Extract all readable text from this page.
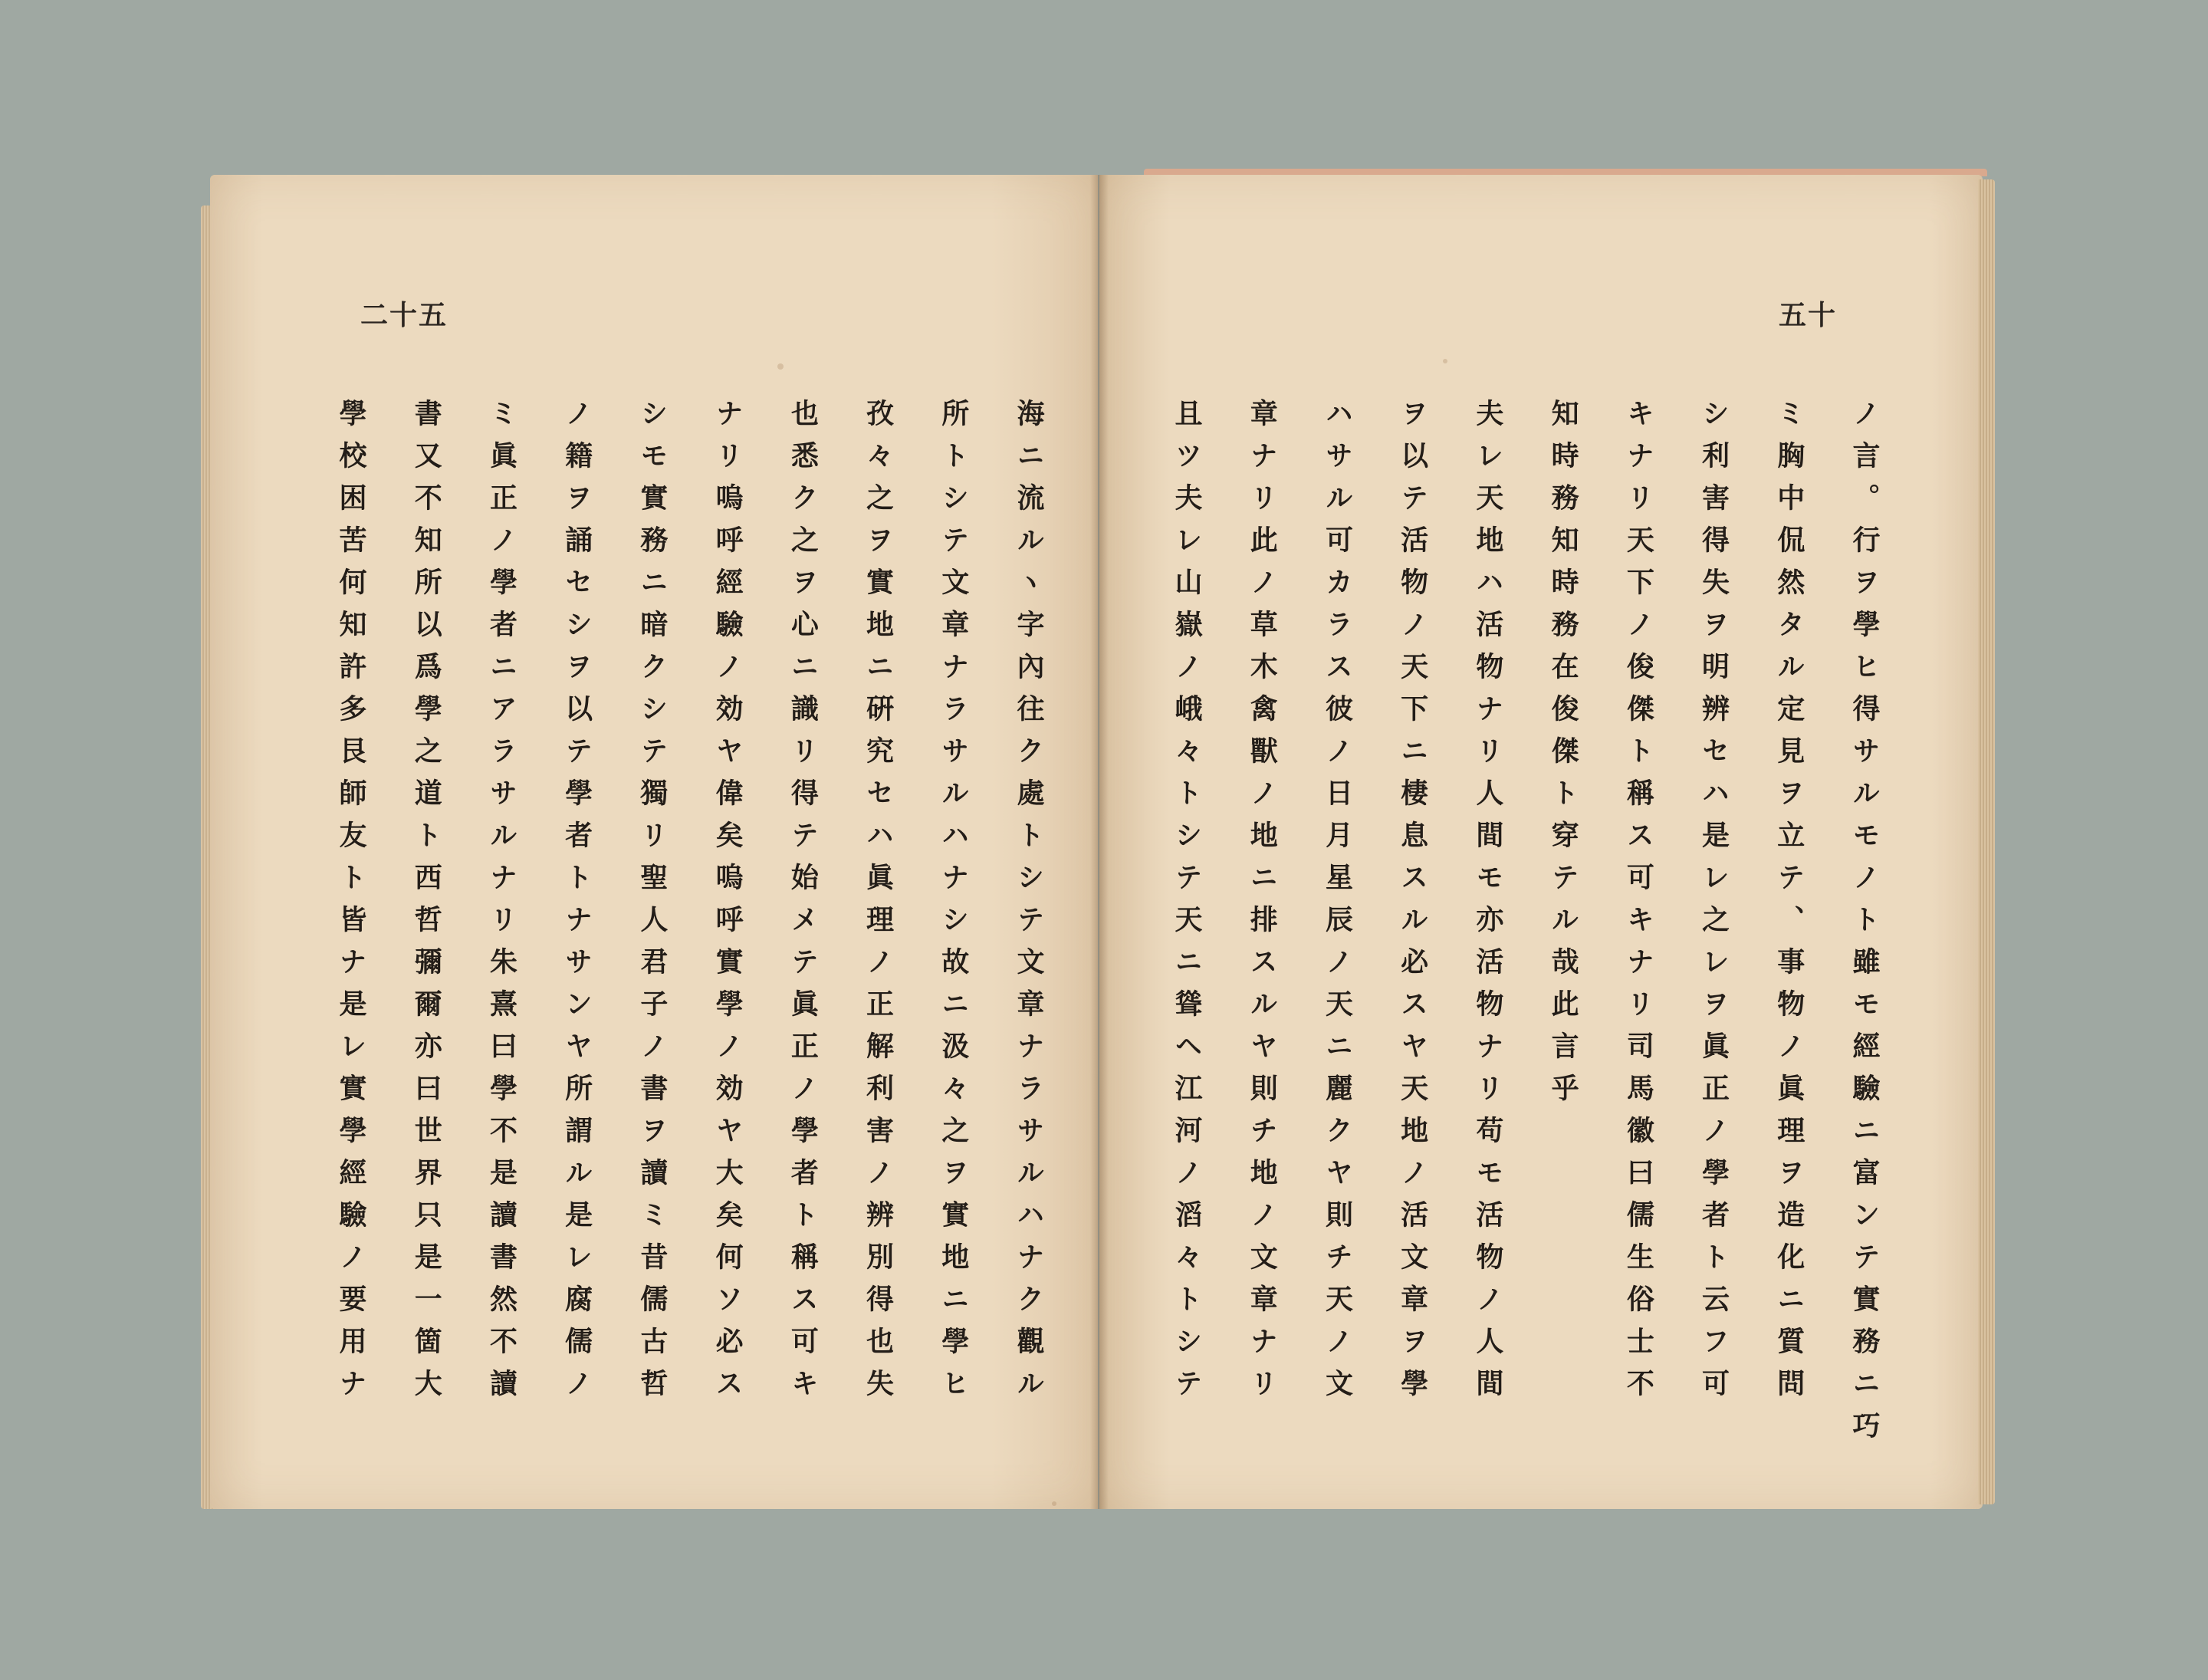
二十五	五十
海ニ流ルヽ字內往ク處トシテ文章ナラサルハナク觀ル
所トシテ文章ナラサルハナシ故ニ汲々之ヲ實地ニ學ヒ
孜々之ヲ實地ニ硏究セハ眞理ノ正解利害ノ辨別得也失
也悉ク之ヲ心ニ識リ得テ始メテ眞正ノ學者ト稱ス可キ
ナリ嗚呼經驗ノ効ヤ偉矣嗚呼實學ノ効ヤ大矣何ソ必ス
シモ實務ニ暗クシテ獨リ聖人君子ノ書ヲ讀ミ昔儒古哲
ノ籍ヲ誦セシヲ以テ學者トナサンヤ所謂ル是レ腐儒ノ
ミ眞正ノ學者ニアラサルナリ朱熹曰學不是讀書然不讀
書又不知所以爲學之道ト西哲彌爾亦曰世界只是一箇大
學校困苦何知許多艮師友ト皆ナ是レ實學經驗ノ要用ナ	ノ言。行ヲ學ヒ得サルモノト雖モ經驗ニ富ンテ實務ニ巧
ミ胸中侃然タル定見ヲ立テ、事物ノ眞理ヲ造化ニ質問
シ利害得失ヲ明辨セハ是レ之レヲ眞正ノ學者ト云フ可
キナリ天下ノ俊傑ト稱ス可キナリ司馬徽曰儒生俗士不
知時務知時務在俊傑ト穿テル哉此言乎
夫レ天地ハ活物ナリ人間モ亦活物ナリ苟モ活物ノ人間
ヲ以テ活物ノ天下ニ棲息スル必スヤ天地ノ活文章ヲ學
ハサル可カラス彼ノ日月星辰ノ天ニ麗クヤ則チ天ノ文
章ナリ此ノ草木禽獸ノ地ニ排スルヤ則チ地ノ文章ナリ
且ツ夫レ山嶽ノ峨々トシテ天ニ聳ヘ江河ノ滔々トシテ
